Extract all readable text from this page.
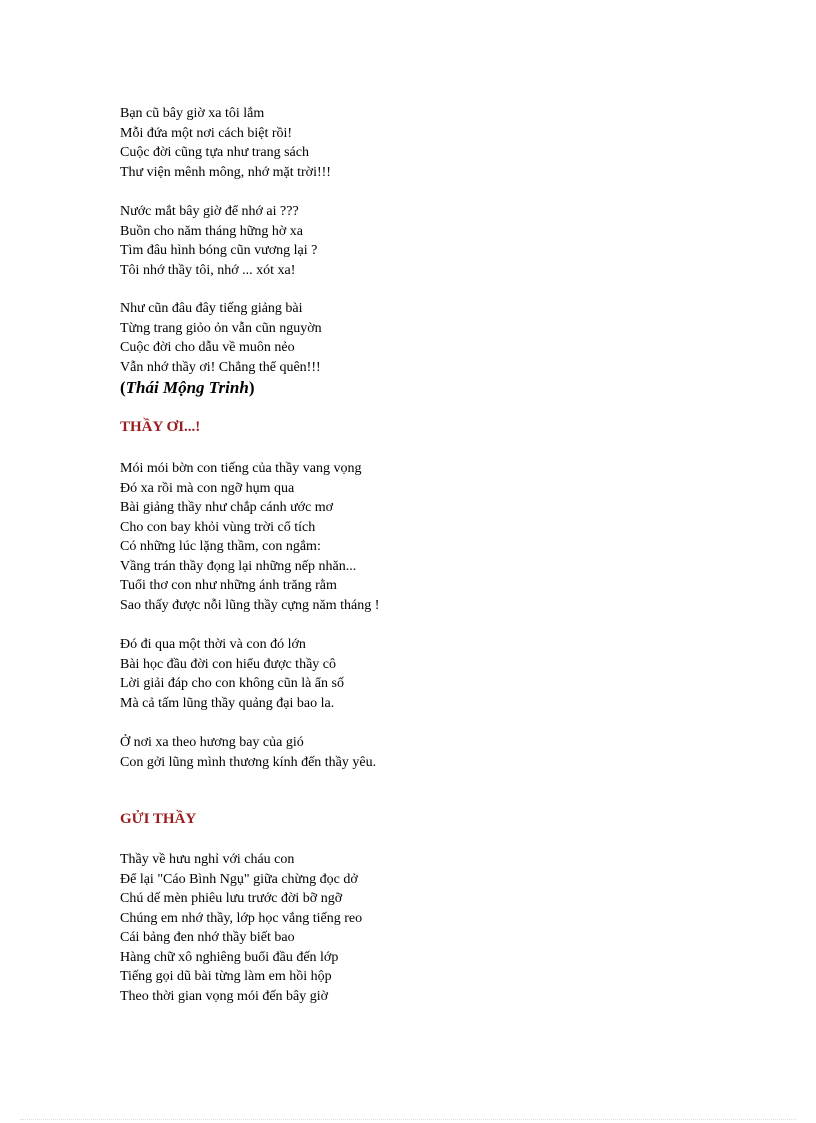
Bạn cũ bây giờ xa tôi lắm
Mỗi đứa một nơi cách biệt rồi!
Cuộc đời cũng tựa như trang sách
Thư viện mênh mông, nhớ mặt trời!!!
Nước mắt bây giờ để nhớ ai ???
Buồn cho năm tháng hững hờ xa
Tìm đâu hình bóng cũn vương lại ?
Tôi nhớ thầy tôi, nhớ ... xót xa!
Như cũn đâu đây tiếng giảng bài
Từng trang giỏo ỏn vẫn cũn nguyờn
Cuộc đời cho dẫu về muôn nẻo
Vẫn nhớ thầy ơi! Chẳng thể quên!!!
(Thái Mộng Trinh)
THẦY ƠI...!
Mói mói bờn con tiếng của thầy vang vọng
Đó xa rồi mà con ngỡ hụm qua
Bài giảng thầy như chắp cánh ước mơ
Cho con bay khỏi vùng trời cổ tích
Có những lúc lặng thầm, con ngắm:
Vầng trán thầy đọng lại những nếp nhăn...
Tuổi thơ con như những ánh trăng rằm
Sao thấy được nỗi lũng thầy cựng năm tháng !
Đó đi qua một thời và con đó lớn
Bài học đầu đời con hiểu được thầy cô
Lời giải đáp cho con không cũn là ẩn số
Mà cả tấm lũng thầy quảng đại bao la.
Ở nơi xa theo hương bay của gió
Con gởi lũng mình thương kính đến thầy yêu.
GỬI THẦY
Thầy về hưu nghỉ với cháu con
Để lại "Cáo Bình Ngụ" giữa chừng đọc dở
Chú dế mèn phiêu lưu trước đời bỡ ngỡ
Chúng em nhớ thầy, lớp học vắng tiếng reo
Cái bảng đen nhớ thầy biết bao
Hàng chữ xô nghiêng buổi đầu đến lớp
Tiếng gọi dũ bài từng làm em hồi hộp
Theo thời gian vọng mói đến bây giờ
